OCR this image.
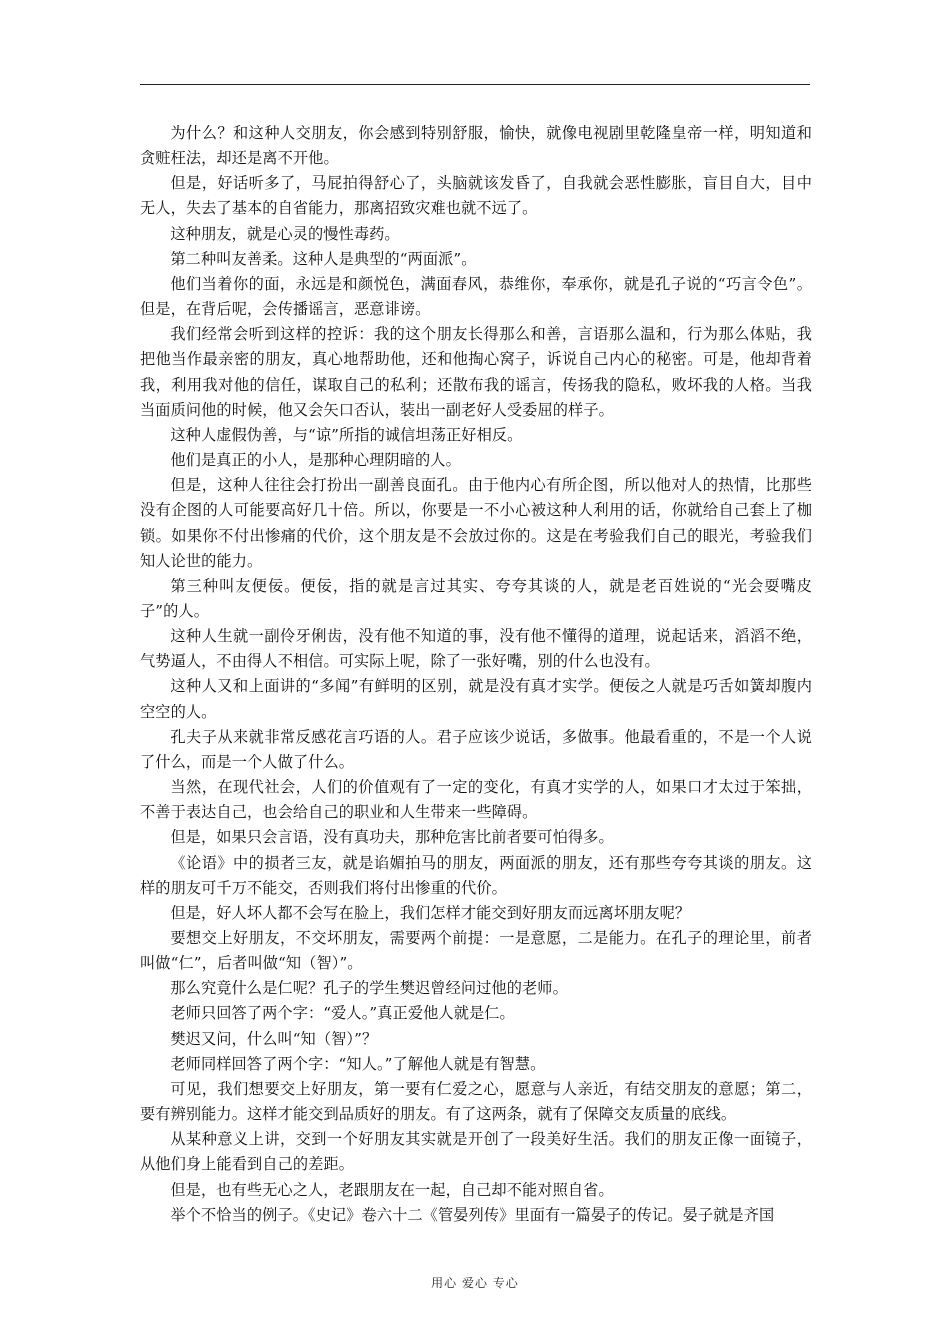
为什么？和这种人交朋友，你会感到特别舒服，愉快，就像电视剧里乾隆皇帝一样，明知道和贪赃枉法，却还是离不开他。

但是，好话听多了，马屁拍得舒心了，头脑就该发昏了，自我就会恶性膨胀，盲目自大，目中无人，失去了基本的自省能力，那离招致灾难也就不远了。

这种朋友，就是心灵的慢性毒药。

第二种叫友善柔。这种人是典型的“两面派”。

他们当着你的面，永远是和颜悦色，满面春风，恭维你，奉承你，就是孔子说的“巧言令色”。但是，在背后呢，会传播谣言，恶意诽谤。

我们经常会听到这样的控诉：我的这个朋友长得那么和善，言语那么温和，行为那么体贴，我把他当作最亲密的朋友，真心地帮助他，还和他掏心窝子，诉说自己内心的秘密。可是，他却背着我，利用我对他的信任，谋取自己的私利；还散布我的谣言，传扬我的隐私，败坏我的人格。当我当面质问他的时候，他又会矢口否认，装出一副老好人受委屈的样子。

这种人虚假伪善，与“谅”所指的诚信坦荡正好相反。

他们是真正的小人，是那种心理阴暗的人。

但是，这种人往往会打扮出一副善良面孔。由于他内心有所企图，所以他对人的热情，比那些没有企图的人可能要高好几十倍。所以，你要是一不小心被这种人利用的话，你就给自己套上了枷锁。如果你不付出惨痛的代价，这个朋友是不会放过你的。这是在考验我们自己的眼光，考验我们知人论世的能力。

第三种叫友便佞。便佞，指的就是言过其实、夸夸其谈的人，就是老百姓说的“光会耍嘴皮子”的人。

这种人生就一副伶牙俐齿，没有他不知道的事，没有他不懂得的道理，说起话来，滔滔不绝，气势逼人，不由得人不相信。可实际上呢，除了一张好嘴，别的什么也没有。

这种人又和上面讲的“多闻”有鲜明的区别，就是没有真才实学。便佞之人就是巧舌如簧却腹内空空的人。

孔夫子从来就非常反感花言巧语的人。君子应该少说话，多做事。他最看重的，不是一个人说了什么，而是一个人做了什么。

当然，在现代社会，人们的价值观有了一定的变化，有真才实学的人，如果口才太过于笨拙，不善于表达自己，也会给自己的职业和人生带来一些障碍。

但是，如果只会言语，没有真功夫，那种危害比前者要可怕得多。

《论语》中的损者三友，就是谄媚拍马的朋友，两面派的朋友，还有那些夸夸其谈的朋友。这样的朋友可千万不能交，否则我们将付出惨重的代价。

但是，好人坏人都不会写在脸上，我们怎样才能交到好朋友而远离坏朋友呢？

要想交上好朋友，不交坏朋友，需要两个前提：一是意愿，二是能力。在孔子的理论里，前者叫做“仁”，后者叫做“知（智）”。

那么究竟什么是仁呢？孔子的学生樊迟曾经问过他的老师。

老师只回答了两个字：“爱人。”真正爱他人就是仁。

樊迟又问，什么叫“知（智）”？

老师同样回答了两个字：“知人。”了解他人就是有智慧。

可见，我们想要交上好朋友，第一要有仁爱之心，愿意与人亲近，有结交朋友的意愿；第二，要有辨别能力。这样才能交到品质好的朋友。有了这两条，就有了保障交友质量的底线。

从某种意义上讲，交到一个好朋友其实就是开创了一段美好生活。我们的朋友正像一面镜子，从他们身上能看到自己的差距。

但是，也有些无心之人，老跟朋友在一起，自己却不能对照自省。

举个不恰当的例子。《史记》卷六十二《管晏列传》里面有一篇晏子的传记。晏子就是齐国

用心 爱心 专心
